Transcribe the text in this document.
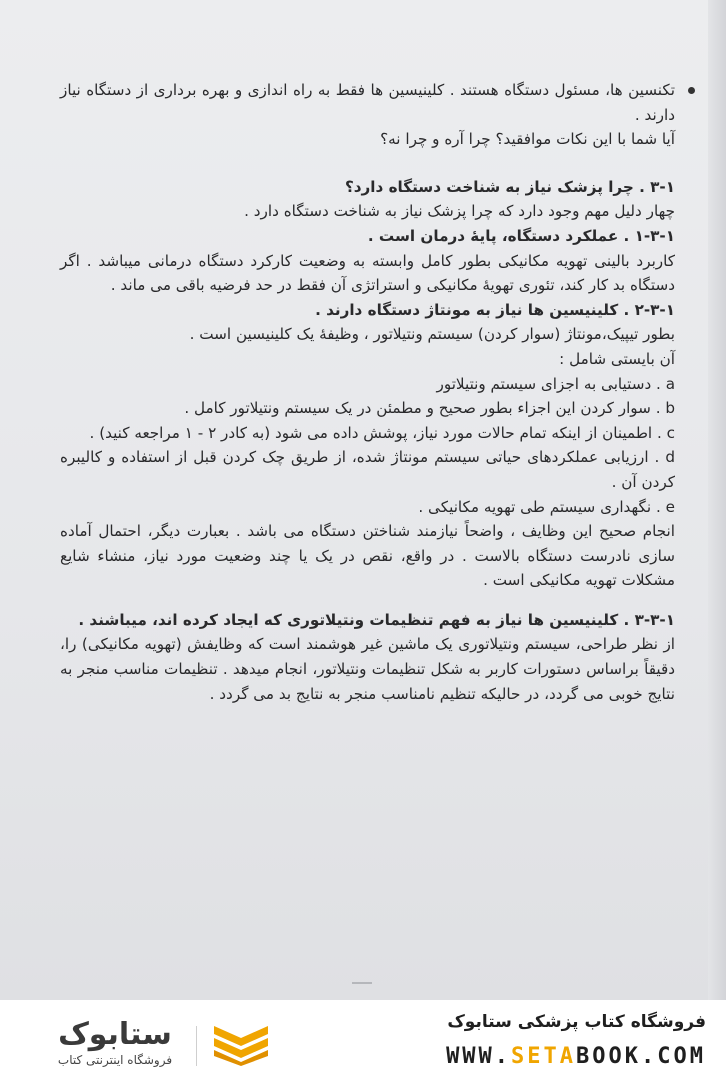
تکنسین ها، مسئول دستگاه هستند . کلینیسین ها فقط به راه اندازی و بهره برداری از دستگاه نیاز دارند .

آیا شما با این نکات موافقید؟ چرا آره و چرا نه؟

۳-۱ . چرا پزشک نیاز به شناخت دستگاه دارد؟

چهار دلیل مهم وجود دارد که چرا پزشک نیاز به شناخت دستگاه دارد .

۱-۳-۱ . عملکرد دستگاه، پایهٔ درمان است .

کاربرد بالینی تهویه مکانیکی بطور کامل وابسته به وضعیت کارکرد دستگاه درمانی میباشد . اگر دستگاه بد کار کند، تئوری تهویهٔ مکانیکی و استراتژی آن فقط در حد فرضیه باقی می ماند .

۲-۳-۱ . کلینیسین ها نیاز به مونتاژ دستگاه دارند .

بطور تیپیک،مونتاژ (سوار کردن) سیستم ونتیلاتور ، وظیفهٔ یک کلینیسین است .

آن بایستی شامل :

a . دستیابی به اجزای سیستم ونتیلاتور

b . سوار کردن این اجزاء بطور صحیح و مطمئن در یک سیستم ونتیلاتور کامل .

c . اطمینان از اینکه تمام حالات مورد نیاز، پوشش داده می شود (به کادر ۲ - ۱ مراجعه کنید) .

d . ارزیابی عملکردهای حیاتی سیستم مونتاژ شده، از طریق چک کردن قبل از استفاده و کالیبره کردن آن .

e . نگهداری سیستم طی تهویه مکانیکی .

انجام صحیح این وظایف ، واضحاً نیازمند شناختن دستگاه می باشد . بعبارت دیگر، احتمال آماده سازی نادرست دستگاه بالاست . در واقع، نقص در یک یا چند وضعیت مورد نیاز، منشاء شایع مشکلات تهویه مکانیکی است .

۳-۳-۱ . کلینیسین ها نیاز به فهم تنظیمات ونتیلاتوری که ایجاد کرده اند، میباشند .

از نظر طراحی، سیستم ونتیلاتوری یک ماشین غیر هوشمند است که وظایفش (تهویه مکانیکی) را، دقیقاً براساس دستورات کاربر به شکل تنظیمات ونتیلاتور، انجام میدهد . تنظیمات مناسب منجر به نتایج خوبی می گردد، در حالیکه تنظیم نامناسب منجر به نتایج بد می گردد .

ستابوک
فروشگاه اینترنتی کتاب
فروشگاه کتاب پزشکی ستابوک
WWW.SETABOOK.COM
